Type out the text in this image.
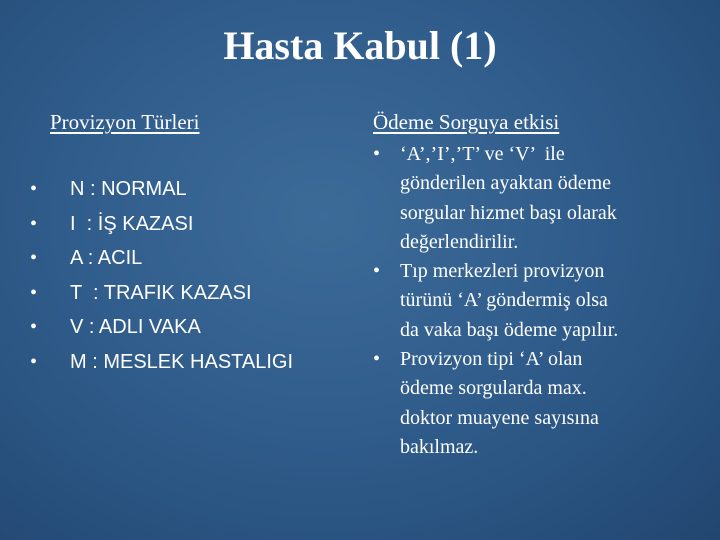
Hasta Kabul (1)
Provizyon Türleri
• N : NORMAL
• I  : İŞ KAZASI
• A : ACIL
• T  : TRAFIK KAZASI
• V : ADLI VAKA
• M : MESLEK HASTALIGI
Ödeme Sorguya etkisi
• ‘A’,’I’,’T’ ve ‘V’  ile
gönderilen ayaktan ödeme
sorgular hizmet başı olarak
değerlendirilir.
• Tıp merkezleri provizyon
türünü ‘A’ göndermiş olsa
da vaka başı ödeme yapılır.
• Provizyon tipi ‘A’ olan
ödeme sorgularda max.
doktor muayene sayısına
bakılmaz.
